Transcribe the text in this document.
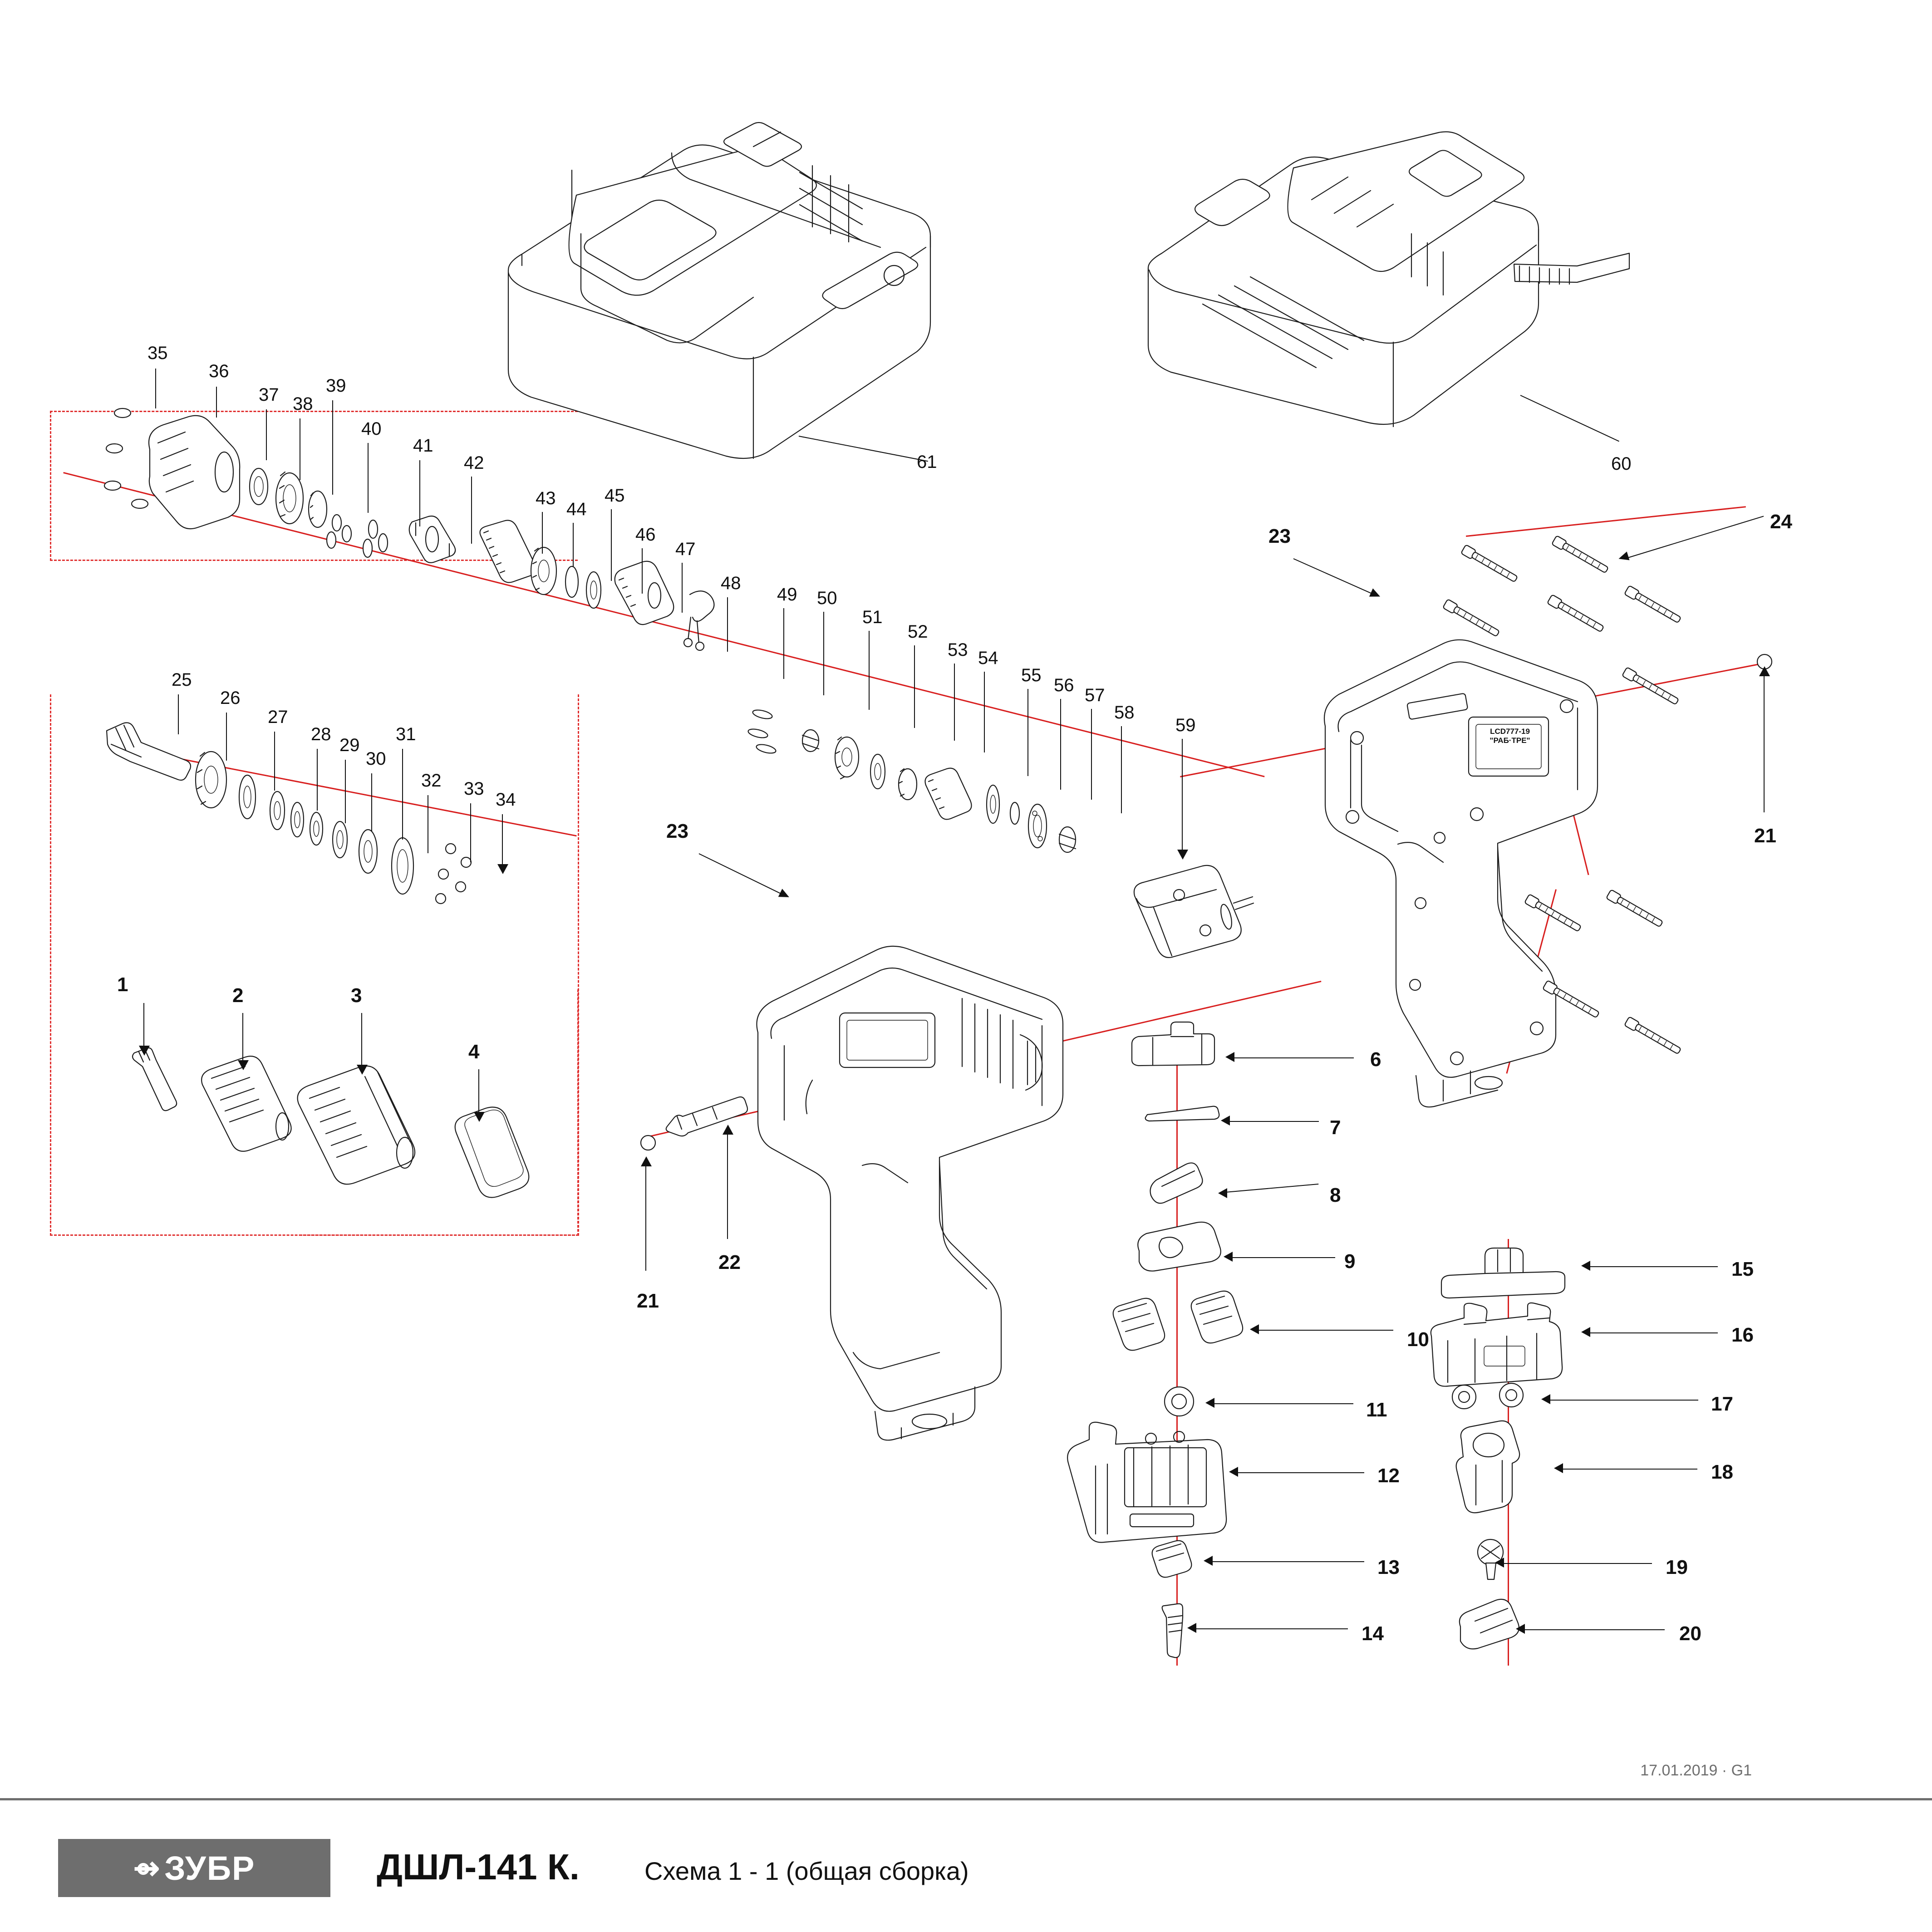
LCD777-19 "РАБ·ТРЕ"
1	2	3
4	6
7
8
9
10
11
12
13
14
15
16
17
18
19
20
21
21
22
23
23
24
25
26
27
28
29
30
31
32 33
34
35
36
37 38
39
40
41
42
43
44
45
46
47
48
49 50
51
52
53 54
55 56 57
58
59
60
61
17.01.2019 · G1
⇴ ЗУБР	ДШЛ-141 К.	Схема 1 - 1 (общая сборка)
